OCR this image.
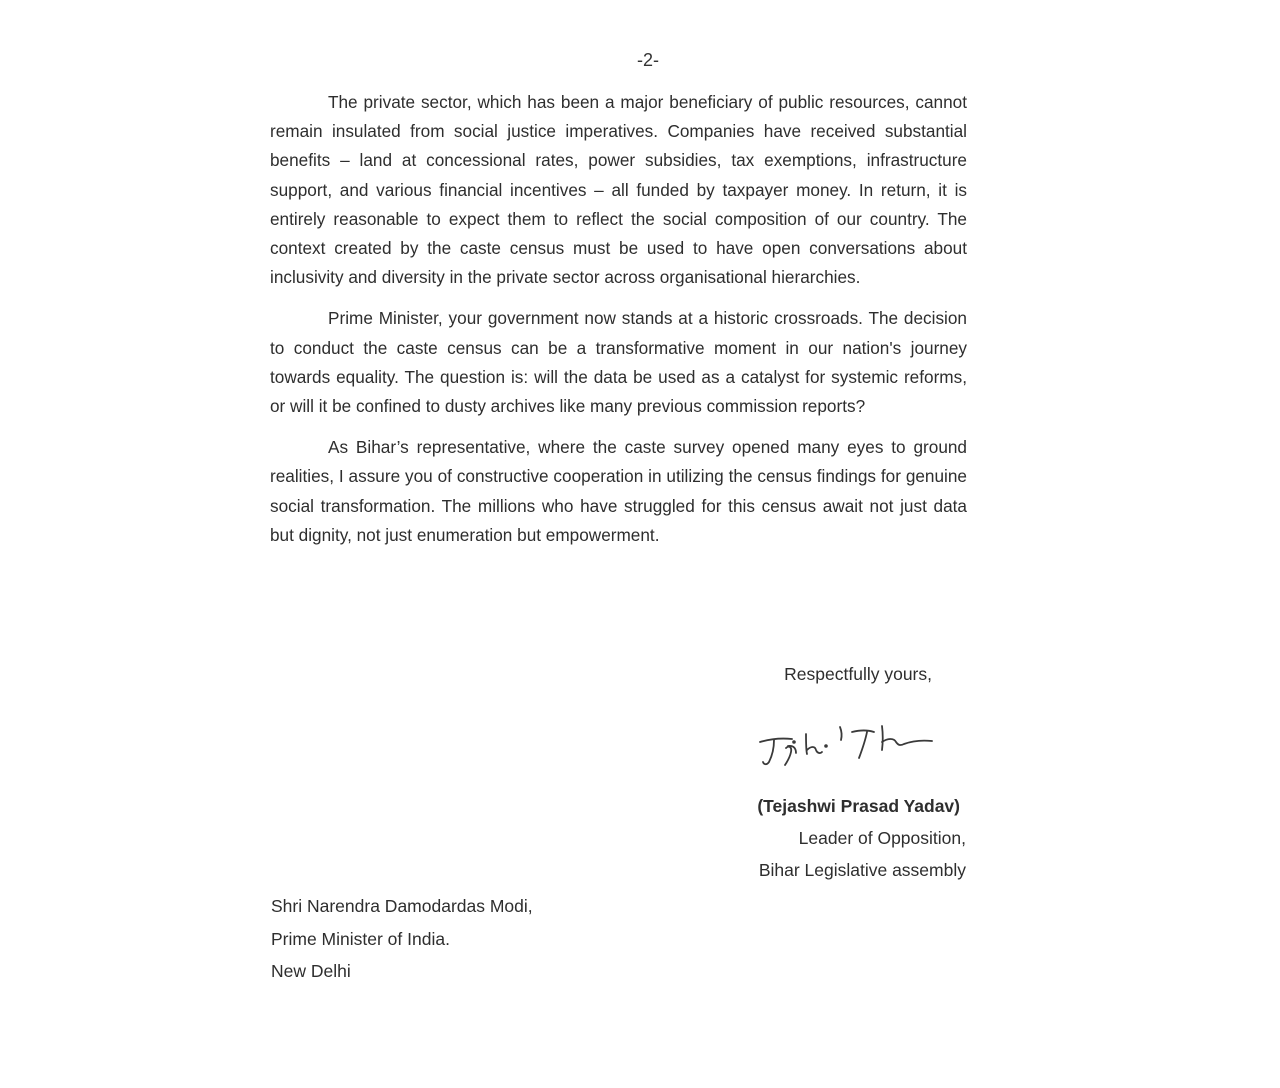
-2-

The private sector, which has been a major beneficiary of public resources, cannot remain insulated from social justice imperatives. Companies have received substantial benefits – land at concessional rates, power subsidies, tax exemptions, infrastructure support, and various financial incentives – all funded by taxpayer money. In return, it is entirely reasonable to expect them to reflect the social composition of our country. The context created by the caste census must be used to have open conversations about inclusivity and diversity in the private sector across organisational hierarchies.

Prime Minister, your government now stands at a historic crossroads. The decision to conduct the caste census can be a transformative moment in our nation's journey towards equality. The question is: will the data be used as a catalyst for systemic reforms, or will it be confined to dusty archives like many previous commission reports?

As Bihar’s representative, where the caste survey opened many eyes to ground realities, I assure you of constructive cooperation in utilizing the census findings for genuine social transformation. The millions who have struggled for this census await not just data but dignity, not just enumeration but empowerment.

Respectfully yours,
(Tejashwi Prasad Yadav)
Leader of Opposition,
Bihar Legislative assembly
Shri Narendra Damodardas Modi,
Prime Minister of India.
New Delhi
